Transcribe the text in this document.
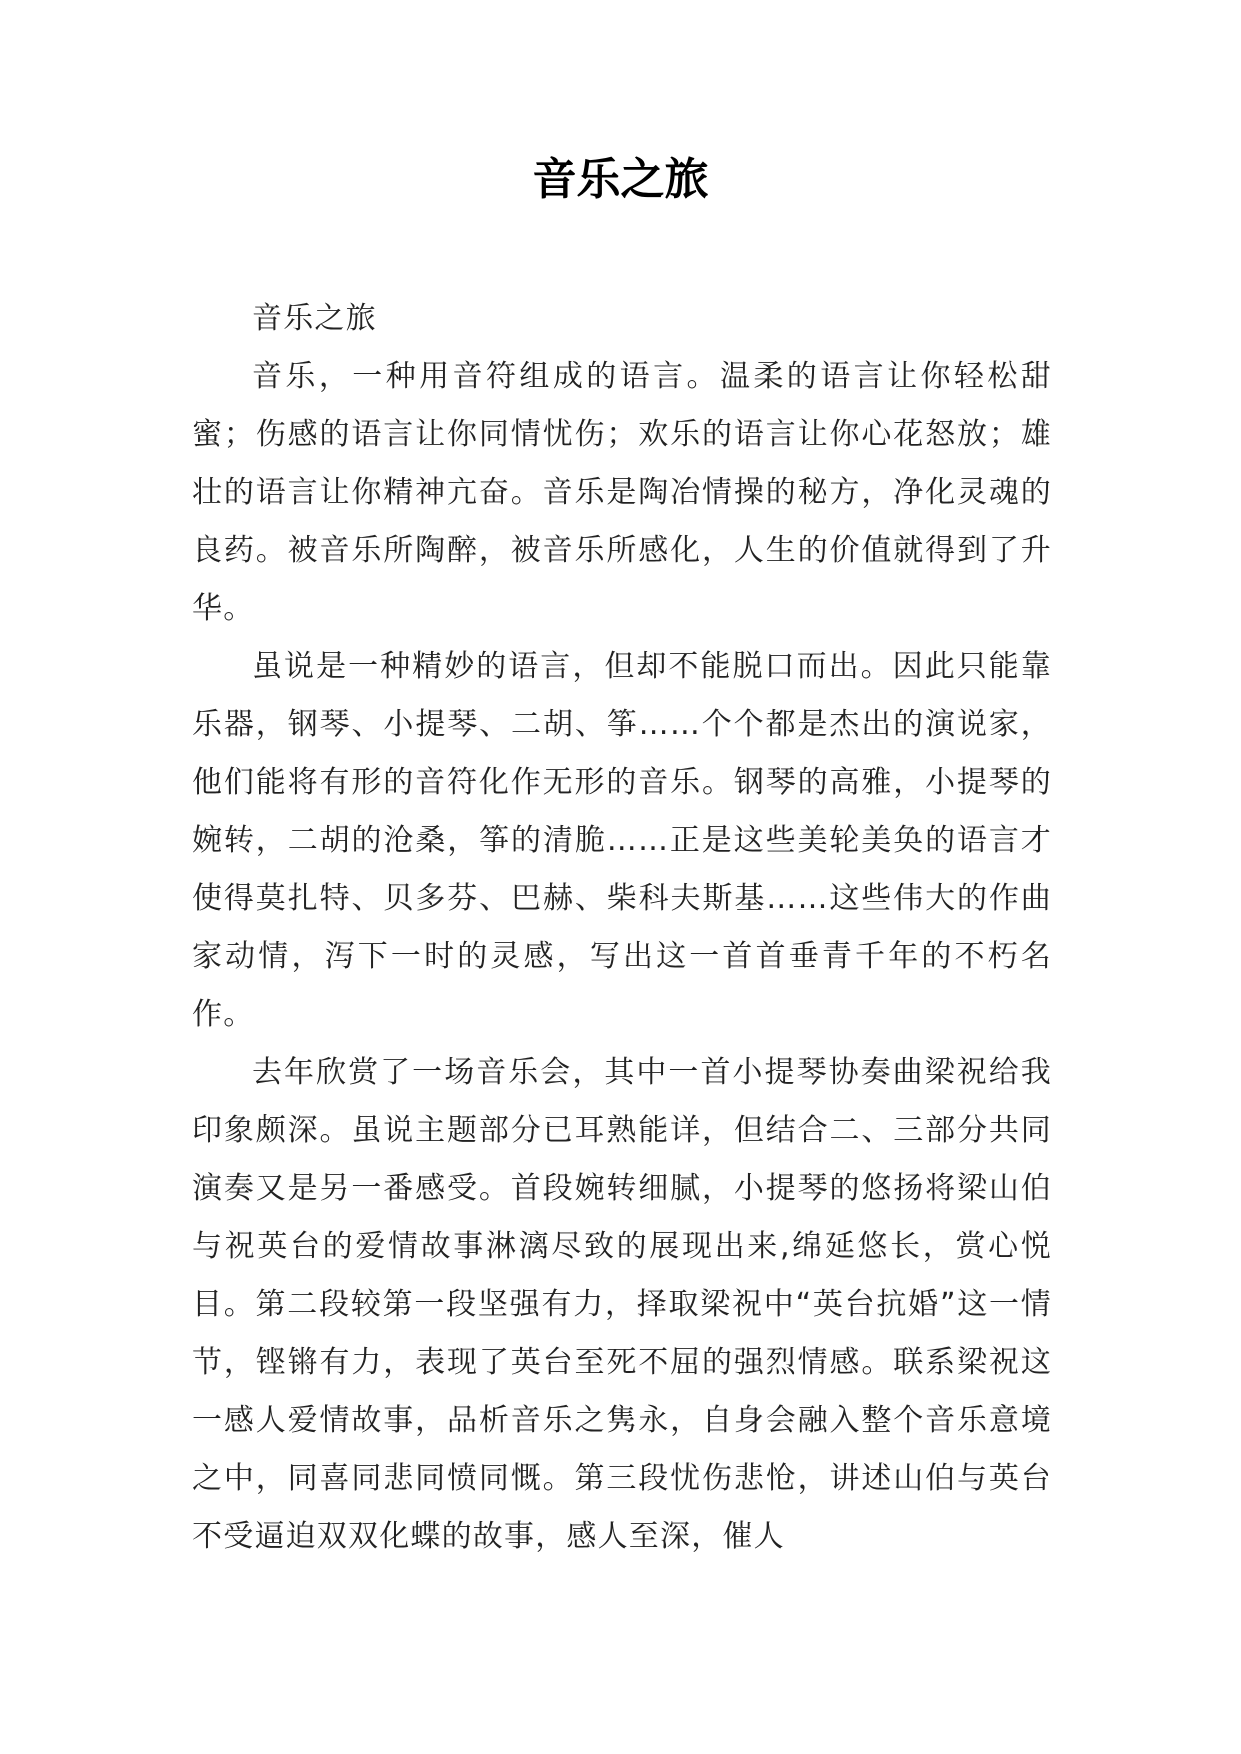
音乐之旅

音乐之旅

音乐，一种用音符组成的语言。温柔的语言让你轻松甜蜜；伤感的语言让你同情忧伤；欢乐的语言让你心花怒放；雄壮的语言让你精神亢奋。音乐是陶冶情操的秘方，净化灵魂的良药。被音乐所陶醉，被音乐所感化，人生的价值就得到了升华。

虽说是一种精妙的语言，但却不能脱口而出。因此只能靠乐器，钢琴、小提琴、二胡、筝……个个都是杰出的演说家，他们能将有形的音符化作无形的音乐。钢琴的高雅，小提琴的婉转，二胡的沧桑，筝的清脆……正是这些美轮美奂的语言才使得莫扎特、贝多芬、巴赫、柴科夫斯基……这些伟大的作曲家动情，泻下一时的灵感，写出这一首首垂青千年的不朽名作。

去年欣赏了一场音乐会，其中一首小提琴协奏曲梁祝给我印象颇深。虽说主题部分已耳熟能详，但结合二、三部分共同演奏又是另一番感受。首段婉转细腻，小提琴的悠扬将梁山伯与祝英台的爱情故事淋漓尽致的展现出来,绵延悠长，赏心悦目。第二段较第一段坚强有力，择取梁祝中“英台抗婚”这一情节，铿锵有力，表现了英台至死不屈的强烈情感。联系梁祝这一感人爱情故事，品析音乐之隽永，自身会融入整个音乐意境之中，同喜同悲同愤同慨。第三段忧伤悲怆，讲述山伯与英台不受逼迫双双化蝶的故事，感人至深，催人
